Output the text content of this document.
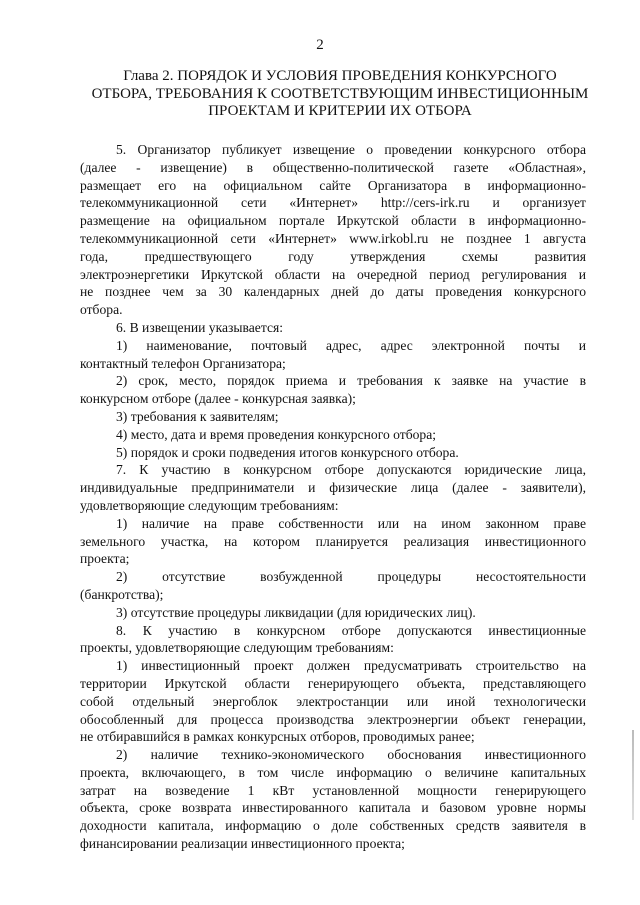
2
Глава 2. ПОРЯДОК И УСЛОВИЯ ПРОВЕДЕНИЯ КОНКУРСНОГО
ОТБОРА, ТРЕБОВАНИЯ К СООТВЕТСТВУЮЩИМ ИНВЕСТИЦИОННЫМ
ПРОЕКТАМ И КРИТЕРИИ ИХ ОТБОРА
5. Организатор публикует извещение о проведении конкурсного отбора
(далее - извещение) в общественно-политической газете «Областная»,
размещает его на официальном сайте Организатора в информационно-
телекоммуникационной сети «Интернет» http://cers-irk.ru и организует
размещение на официальном портале Иркутской области в информационно-
телекоммуникационной сети «Интернет» www.irkobl.ru не позднее 1 августа
года, предшествующего году утверждения схемы развития
электроэнергетики Иркутской области на очередной период регулирования и
не позднее чем за 30 календарных дней до даты проведения конкурсного
отбора.
6. В извещении указывается:
1) наименование, почтовый адрес, адрес электронной почты и
контактный телефон Организатора;
2) срок, место, порядок приема и требования к заявке на участие в
конкурсном отборе (далее - конкурсная заявка);
3) требования к заявителям;
4) место, дата и время проведения конкурсного отбора;
5) порядок и сроки подведения итогов конкурсного отбора.
7. К участию в конкурсном отборе допускаются юридические лица,
индивидуальные предприниматели и физические лица (далее - заявители),
удовлетворяющие следующим требованиям:
1) наличие на праве собственности или на ином законном праве
земельного участка, на котором планируется реализация инвестиционного
проекта;
2) отсутствие возбужденной процедуры несостоятельности
(банкротства);
3) отсутствие процедуры ликвидации (для юридических лиц).
8. К участию в конкурсном отборе допускаются инвестиционные
проекты, удовлетворяющие следующим требованиям:
1) инвестиционный проект должен предусматривать строительство на
территории Иркутской области генерирующего объекта, представляющего
собой отдельный энергоблок электростанции или иной технологически
обособленный для процесса производства электроэнергии объект генерации,
не отбиравшийся в рамках конкурсных отборов, проводимых ранее;
2) наличие технико-экономического обоснования инвестиционного
проекта, включающего, в том числе информацию о величине капитальных
затрат на возведение 1 кВт установленной мощности генерирующего
объекта, сроке возврата инвестированного капитала и базовом уровне нормы
доходности капитала, информацию о доле собственных средств заявителя в
финансировании реализации инвестиционного проекта;
